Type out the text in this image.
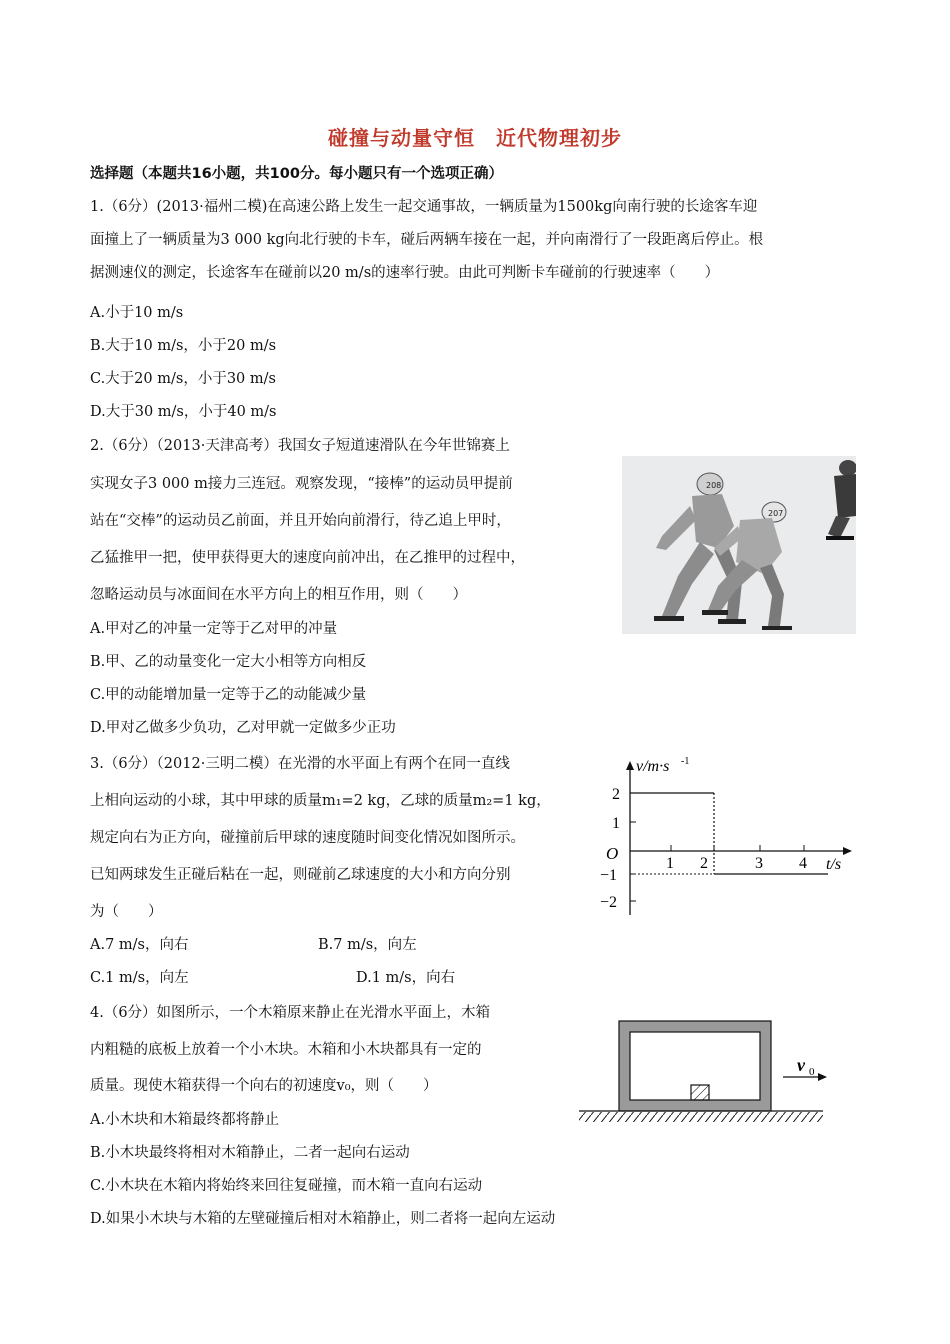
碰撞与动量守恒　近代物理初步
选择题（本题共16小题，共100分。每小题只有一个选项正确）
1.（6分）(2013·福州二模)在高速公路上发生一起交通事故，一辆质量为1500kg向南行驶的长途客车迎
面撞上了一辆质量为3 000 kg向北行驶的卡车，碰后两辆车接在一起，并向南滑行了一段距离后停止。根
据测速仪的测定，长途客车在碰前以20 m/s的速率行驶。由此可判断卡车碰前的行驶速率（　　）
A.小于10 m/s
B.大于10 m/s，小于20 m/s
C.大于20 m/s，小于30 m/s
D.大于30 m/s，小于40 m/s
2.（6分）（2013·天津高考）我国女子短道速滑队在今年世锦赛上
实现女子3 000 m接力三连冠。观察发现，“接棒”的运动员甲提前
站在“交棒”的运动员乙前面，并且开始向前滑行，待乙追上甲时，
乙猛推甲一把，使甲获得更大的速度向前冲出，在乙推甲的过程中，
忽略运动员与冰面间在水平方向上的相互作用，则（　　）
A.甲对乙的冲量一定等于乙对甲的冲量
B.甲、乙的动量变化一定大小相等方向相反
C.甲的动能增加量一定等于乙的动能减少量
D.甲对乙做多少负功，乙对甲就一定做多少正功
208
207
3.（6分）（2012·三明二模）在光滑的水平面上有两个在同一直线
上相向运动的小球，其中甲球的质量m₁=2 kg，乙球的质量m₂=1 kg，
规定向右为正方向，碰撞前后甲球的速度随时间变化情况如图所示。
已知两球发生正碰后粘在一起，则碰前乙球速度的大小和方向分别
为（　　）
A.7 m/s，向右	B.7 m/s，向左
C.1 m/s，向左	D.1 m/s，向右
v/m·s -1
t/s
O
1 2	3 4
2
1
−1
−2
4.（6分）如图所示，一个木箱原来静止在光滑水平面上，木箱
内粗糙的底板上放着一个小木块。木箱和小木块都具有一定的
质量。现使木箱获得一个向右的初速度v₀，则（　　）
A.小木块和木箱最终都将静止
B.小木块最终将相对木箱静止，二者一起向右运动
C.小木块在木箱内将始终来回往复碰撞，而木箱一直向右运动
D.如果小木块与木箱的左壁碰撞后相对木箱静止，则二者将一起向左运动
v 0
